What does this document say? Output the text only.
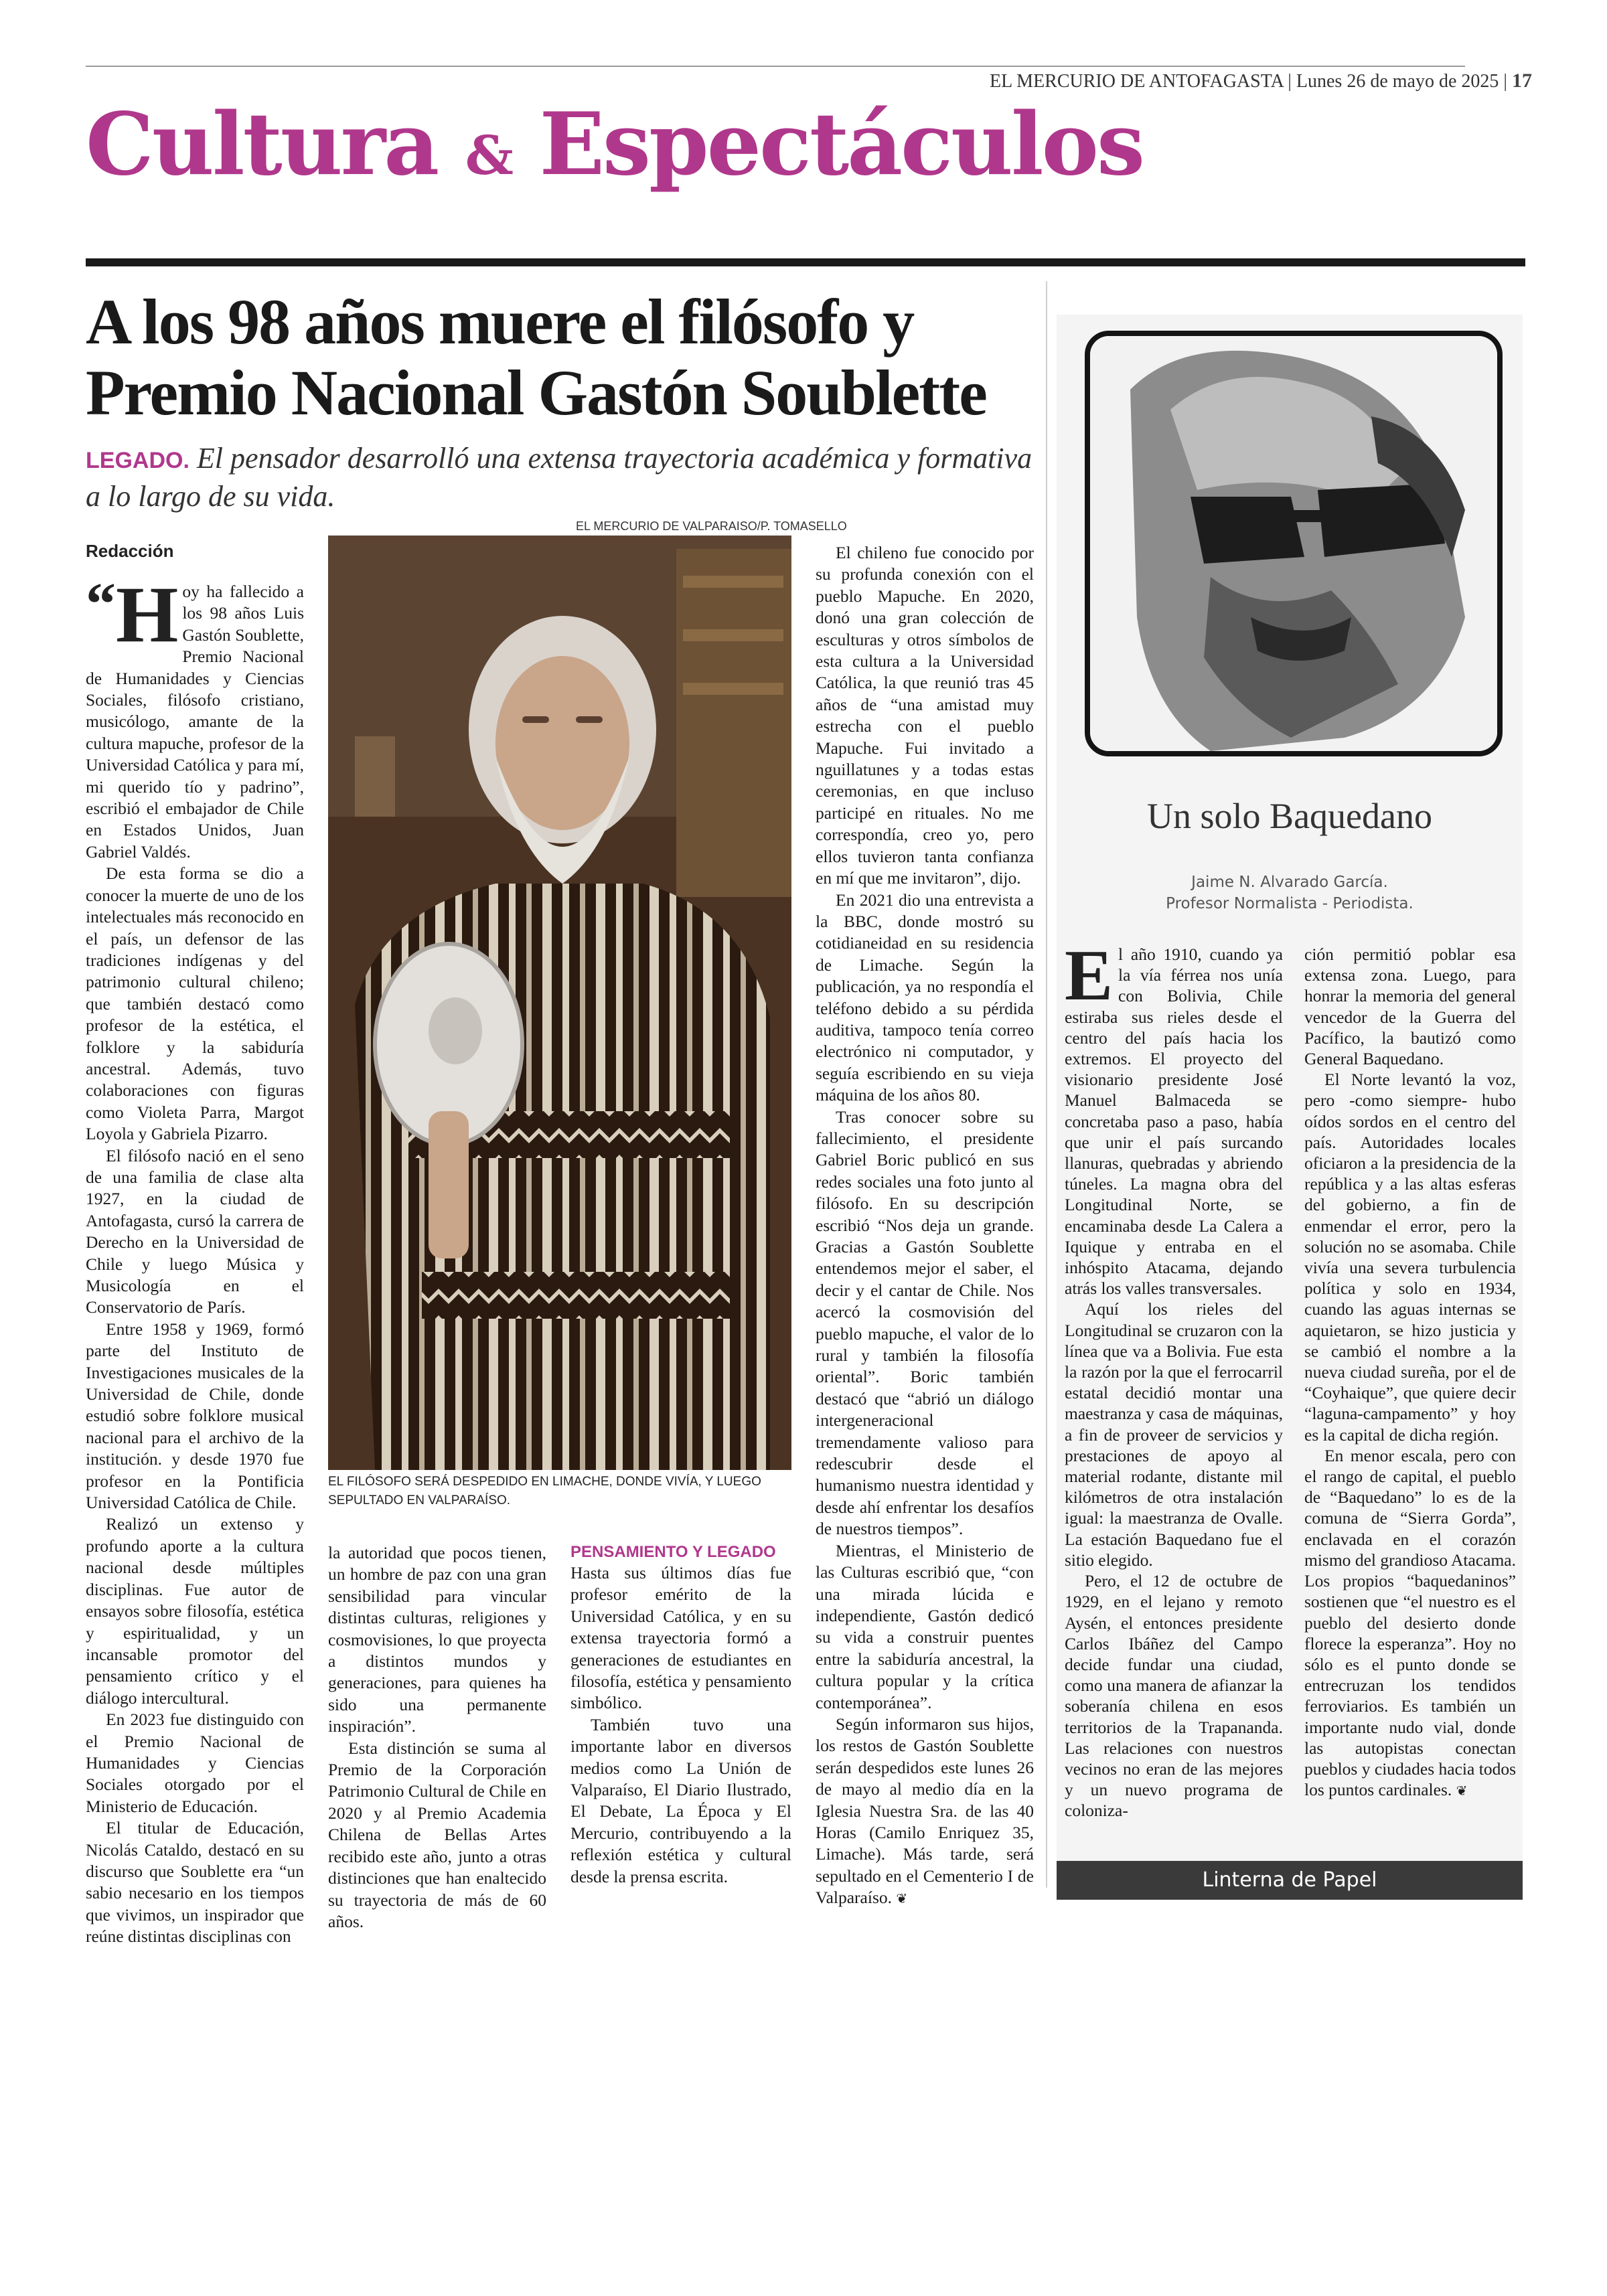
EL MERCURIO DE ANTOFAGASTA | Lunes 26 de mayo de 2025 | 17
Cultura & Espectáculos
A los 98 años muere el filósofo y Premio Nacional Gastón Soublette
LEGADO. El pensador desarrolló una extensa trayectoria académica y formativa a lo largo de su vida.
EL MERCURIO DE VALPARAISO/P. TOMASELLO
Redacción

“ H oy ha fallecido a los 98 años Luis Gastón Soublette, Premio Nacional de Humanidades y Ciencias Sociales, filósofo cristiano, musicólogo, amante de la cultura mapuche, profesor de la Universidad Católica y para mí, mi querido tío y padrino”, escribió el embajador de Chile en Estados Unidos, Juan Gabriel Valdés.

De esta forma se dio a conocer la muerte de uno de los intelectuales más reconocido en el país, un defensor de las tradiciones indígenas y del patrimonio cultural chileno; que también destacó como profesor de la estética, el folklore y la sabiduría ancestral. Además, tuvo colaboraciones con figuras como Violeta Parra, Margot Loyola y Gabriela Pizarro.

El filósofo nació en el seno de una familia de clase alta 1927, en la ciudad de Antofagasta, cursó la carrera de Derecho en la Universidad de Chile y luego Música y Musicología en el Conservatorio de París.

Entre 1958 y 1969, formó parte del Instituto de Investigaciones musicales de la Universidad de Chile, donde estudió sobre folklore musical nacional para el archivo de la institución. y desde 1970 fue profesor en la Pontificia Universidad Católica de Chile.

Realizó un extenso y profundo aporte a la cultura nacional desde múltiples disciplinas. Fue autor de ensayos sobre filosofía, estética y espiritualidad, y un incansable promotor del pensamiento crítico y el diálogo intercultural.

En 2023 fue distinguido con el Premio Nacional de Humanidades y Ciencias Sociales otorgado por el Ministerio de Educación.

El titular de Educación, Nicolás Cataldo, destacó en su discurso que Soublette era “un sabio necesario en los tiempos que vivimos, un inspirador que reúne distintas disciplinas con

EL FILÓSOFO SERÁ DESPEDIDO EN LIMACHE, DONDE VIVÍA, Y LUEGO SEPULTADO EN VALPARAÍSO.

la autoridad que pocos tienen, un hombre de paz con una gran sensibilidad para vincular distintas culturas, religiones y cosmovisiones, lo que proyecta a distintos mundos y generaciones, para quienes ha sido una permanente inspiración”.

Esta distinción se suma al Premio de la Corporación Patrimonio Cultural de Chile en 2020 y al Premio Academia Chilena de Bellas Artes recibido este año, junto a otras distinciones que han enaltecido su trayectoria de más de 60 años.

PENSAMIENTO Y LEGADO

Hasta sus últimos días fue profesor emérito de la Universidad Católica, y en su extensa trayectoria formó a generaciones de estudiantes en filosofía, estética y pensamiento simbólico.

También tuvo una importante labor en diversos medios como La Unión de Valparaíso, El Diario Ilustrado, El Debate, La Época y El Mercurio, contribuyendo a la reflexión estética y cultural desde la prensa escrita.

El chileno fue conocido por su profunda conexión con el pueblo Mapuche. En 2020, donó una gran colección de esculturas y otros símbolos de esta cultura a la Universidad Católica, la que reunió tras 45 años de “una amistad muy estrecha con el pueblo Mapuche. Fui invitado a nguillatunes y a todas estas ceremonias, en que incluso participé en rituales. No me correspondía, creo yo, pero ellos tuvieron tanta confianza en mí que me invitaron”, dijo.

En 2021 dio una entrevista a la BBC, donde mostró su cotidianeidad en su residencia de Limache. Según la publicación, ya no respondía el teléfono debido a su pérdida auditiva, tampoco tenía correo electrónico ni computador, y seguía escribiendo en su vieja máquina de los años 80.

Tras conocer sobre su fallecimiento, el presidente Gabriel Boric publicó en sus redes sociales una foto junto al filósofo. En su descripción escribió “Nos deja un grande. Gracias a Gastón Soublette entendemos mejor el saber, el decir y el cantar de Chile. Nos acercó la cosmovisión del pueblo mapuche, el valor de lo rural y también la filosofía oriental”. Boric también destacó que “abrió un diálogo intergeneracional tremendamente valioso para redescubrir desde el humanismo nuestra identidad y desde ahí enfrentar los desafíos de nuestros tiempos”.

Mientras, el Ministerio de las Culturas escribió que, “con una mirada lúcida e independiente, Gastón dedicó su vida a construir puentes entre la sabiduría ancestral, la cultura popular y la crítica contemporánea”.

Según informaron sus hijos, los restos de Gastón Soublette serán despedidos este lunes 26 de mayo al medio día en la Iglesia Nuestra Sra. de las 40 Horas (Camilo Enriquez 35, Limache). Más tarde, será sepultado en el Cementerio I de Valparaíso. ❦

Un solo Baquedano
Jaime N. Alvarado García.
Profesor Normalista - Periodista.

El año 1910, cuando ya la vía férrea nos unía con Bolivia, Chile estiraba sus rieles desde el centro del país hacia los extremos. El proyecto del visionario presidente José Manuel Balmaceda se concretaba paso a paso, había que unir el país surcando llanuras, quebradas y abriendo túneles. La magna obra del Longitudinal Norte, se encaminaba desde La Calera a Iquique y entraba en el inhóspito Atacama, dejando atrás los valles transversales.

Aquí los rieles del Longitudinal se cruzaron con la línea que va a Bolivia. Fue esta la razón por la que el ferrocarril estatal decidió montar una maestranza y casa de máquinas, a fin de proveer de servicios y prestaciones de apoyo al material rodante, distante mil kilómetros de otra instalación igual: la maestranza de Ovalle. La estación Baquedano fue el sitio elegido.

Pero, el 12 de octubre de 1929, en el lejano y remoto Aysén, el entonces presidente Carlos Ibáñez del Campo decide fundar una ciudad, como una manera de afianzar la soberanía chilena en esos territorios de la Trapananda. Las relaciones con nuestros vecinos no eran de las mejores y un nuevo programa de coloniza-

ción permitió poblar esa extensa zona. Luego, para honrar la memoria del general vencedor de la Guerra del Pacífico, la bautizó como General Baquedano.

El Norte levantó la voz, pero -como siempre- hubo oídos sordos en el centro del país. Autoridades locales oficiaron a la presidencia de la república y a las altas esferas del gobierno, a fin de enmendar el error, pero la solución no se asomaba. Chile vivía una severa turbulencia política y solo en 1934, cuando las aguas internas se aquietaron, se hizo justicia y se cambió el nombre a la nueva ciudad sureña, por el de “Coyhaique”, que quiere decir “laguna-campamento” y hoy es la capital de dicha región.

En menor escala, pero con el rango de capital, el pueblo de “Baquedano” lo es de la comuna de “Sierra Gorda”, enclavada en el corazón mismo del grandioso Atacama. Los propios “baquedaninos” sostienen que “el nuestro es el pueblo del desierto donde florece la esperanza”. Hoy no sólo es el punto donde se entrecruzan los tendidos ferroviarios. Es también un importante nudo vial, donde las autopistas conectan pueblos y ciudades hacia todos los puntos cardinales. ❦

Linterna de Papel
